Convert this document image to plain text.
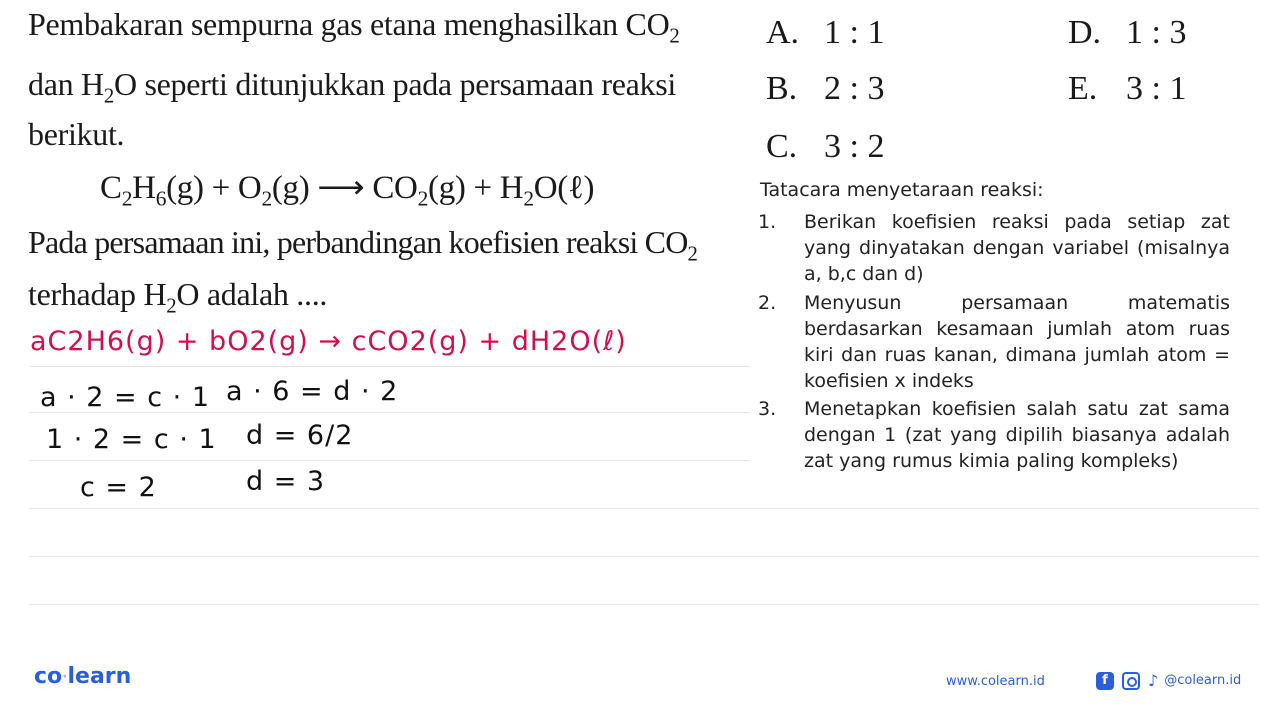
Pembakaran sempurna gas etana menghasilkan $CO_2$
dan $H_2O$ seperti ditunjukkan pada persamaan reaksi
berikut.
$C_2H_6(g) + O_2(g)$ ⟶ $CO_2(g)$ + $H_2O(\ell)$
Pada persamaan ini, perbandingan koefisien reaksi $CO_2$
terhadap $H_2O$ adalah ....
A. 1 : 1
B. 2 : 3
C. 3 : 2
D. 1 : 3
E. 3 : 1
aC2H6(g) + bO2(g) → cCO2(g) + dH2O(ℓ)
a · 2 = c · 1 a · 6 = d · 2
1 · 2 = c · 1 d = 6/2
c = 2	d = 3
Tatacara menyetaraan reaksi:
1. Berikan koefisien reaksi pada setiap zat yang dinyatakan dengan variabel (misalnya a, b,c dan d)
2. Menyusun persamaan matematis berdasarkan kesamaan jumlah atom ruas kiri dan ruas kanan, dimana jumlah atom = koefisien x indeks
3. Menetapkan koefisien salah satu zat sama dengan 1 (zat yang dipilih biasanya adalah zat yang rumus kimia paling kompleks)
co·learn	www.colearn.id	f	♪ @colearn.id
